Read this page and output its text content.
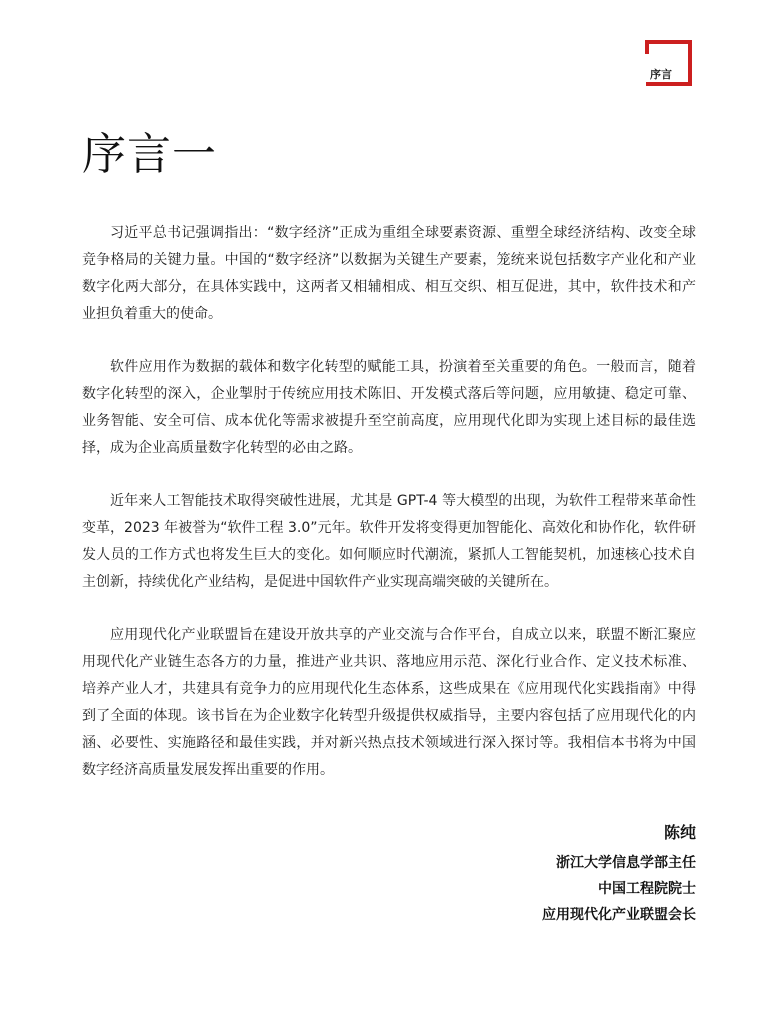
序言
序言一

习近平总书记强调指出：“数字经济”正成为重组全球要素资源、重塑全球经济结构、改变全球竞争格局的关键力量。中国的“数字经济”以数据为关键生产要素，笼统来说包括数字产业化和产业数字化两大部分，在具体实践中，这两者又相辅相成、相互交织、相互促进，其中，软件技术和产业担负着重大的使命。

软件应用作为数据的载体和数字化转型的赋能工具，扮演着至关重要的角色。一般而言，随着数字化转型的深入，企业掣肘于传统应用技术陈旧、开发模式落后等问题，应用敏捷、稳定可靠、业务智能、安全可信、成本优化等需求被提升至空前高度，应用现代化即为实现上述目标的最佳选择，成为企业高质量数字化转型的必由之路。

近年来人工智能技术取得突破性进展，尤其是 GPT-4 等大模型的出现，为软件工程带来革命性变革，2023 年被誉为“软件工程 3.0”元年。软件开发将变得更加智能化、高效化和协作化，软件研发人员的工作方式也将发生巨大的变化。如何顺应时代潮流，紧抓人工智能契机，加速核心技术自主创新，持续优化产业结构，是促进中国软件产业实现高端突破的关键所在。

应用现代化产业联盟旨在建设开放共享的产业交流与合作平台，自成立以来，联盟不断汇聚应用现代化产业链生态各方的力量，推进产业共识、落地应用示范、深化行业合作、定义技术标准、培养产业人才，共建具有竞争力的应用现代化生态体系，这些成果在《应用现代化实践指南》中得到了全面的体现。该书旨在为企业数字化转型升级提供权威指导，主要内容包括了应用现代化的内涵、必要性、实施路径和最佳实践，并对新兴热点技术领域进行深入探讨等。我相信本书将为中国数字经济高质量发展发挥出重要的作用。

陈纯
浙江大学信息学部主任
中国工程院院士
应用现代化产业联盟会长
